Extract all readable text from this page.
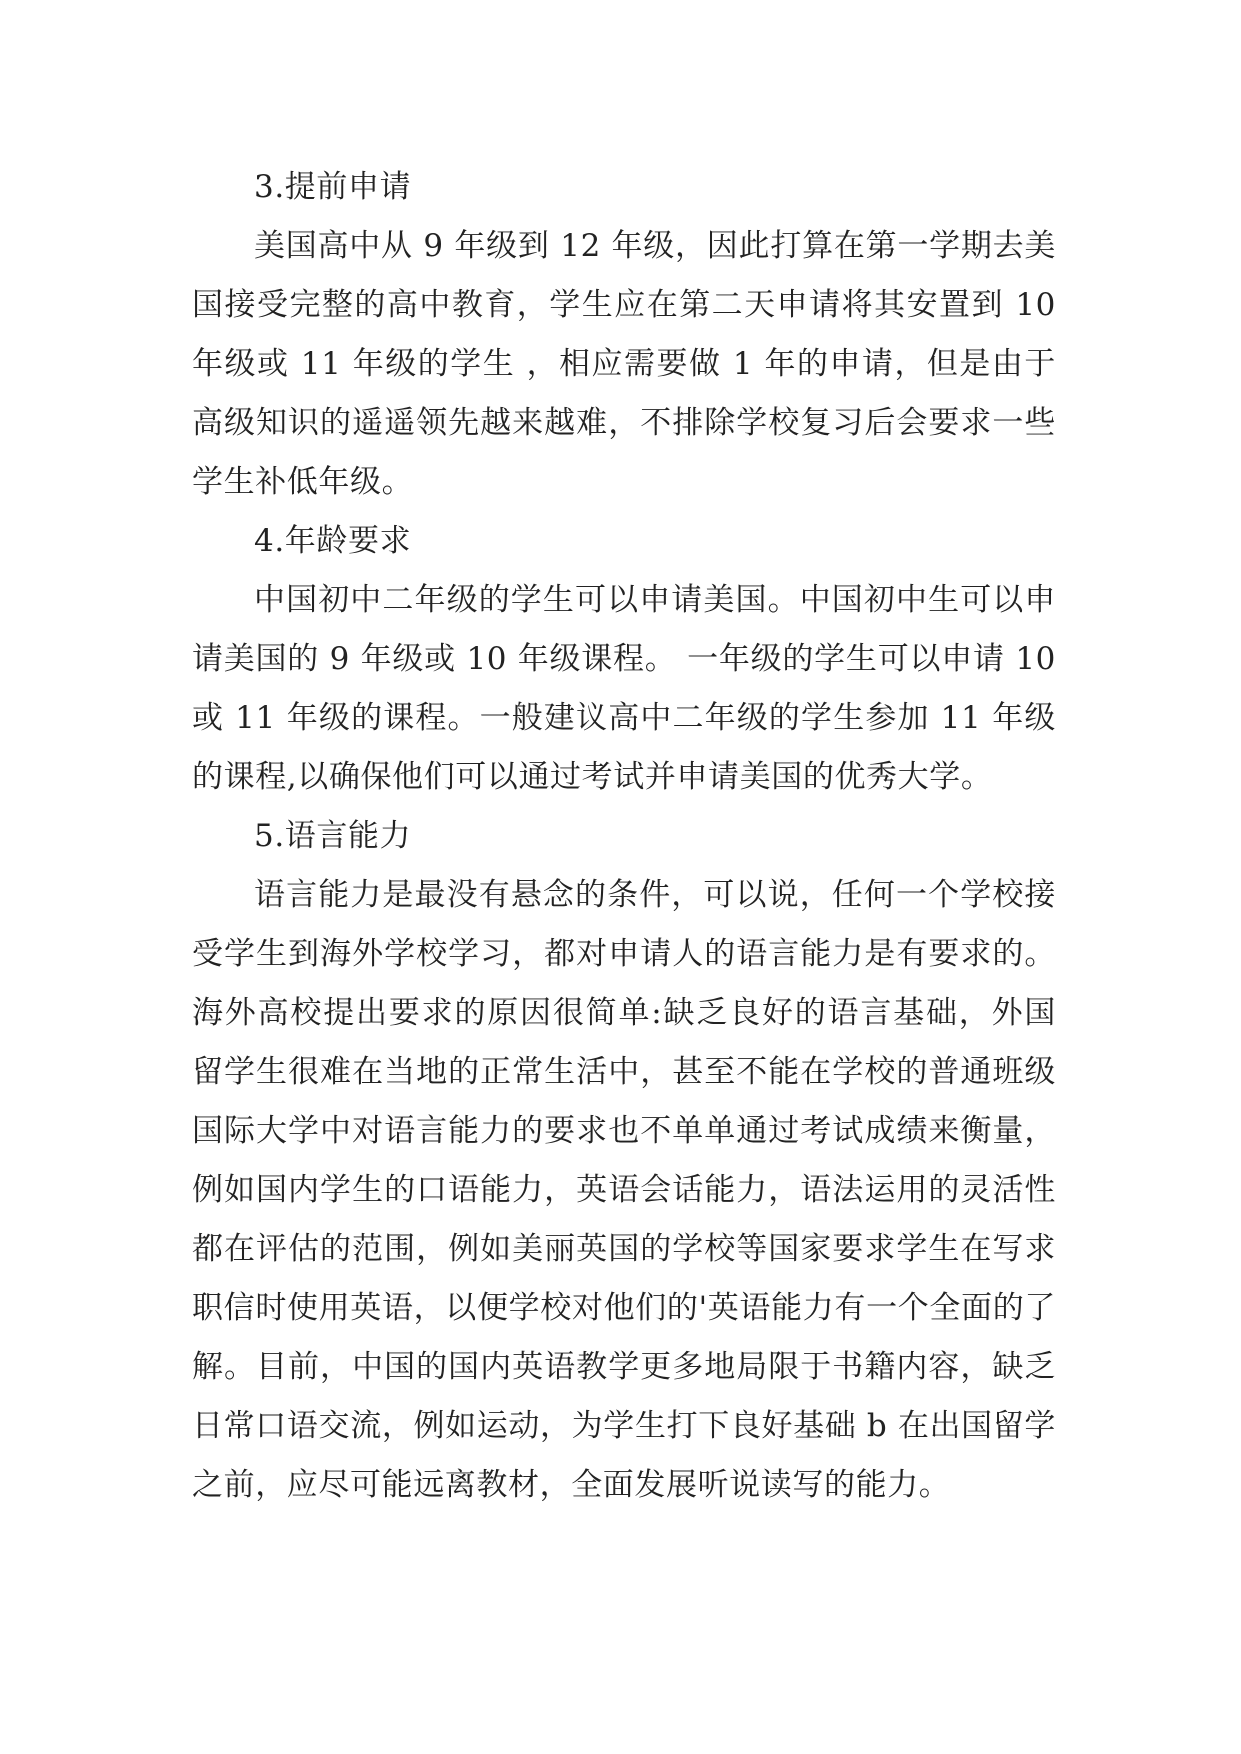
3.提前申请

美国高中从 9 年级到 12 年级，因此打算在第一学期去美国接受完整的高中教育，学生应在第二天申请将其安置到 10 年级或 11 年级的学生 ，相应需要做 1 年的申请，但是由于高级知识的遥遥领先越来越难，不排除学校复习后会要求一些学生补低年级。

4.年龄要求

中国初中二年级的学生可以申请美国。中国初中生可以申请美国的 9 年级或 10 年级课程。 一年级的学生可以申请 10 或 11 年级的课程。一般建议高中二年级的学生参加 11 年级的课程,以确保他们可以通过考试并申请美国的优秀大学。

5.语言能力

语言能力是最没有悬念的条件，可以说，任何一个学校接受学生到海外学校学习，都对申请人的语言能力是有要求的。海外高校提出要求的原因很简单:缺乏良好的语言基础，外国留学生很难在当地的正常生活中，甚至不能在学校的普通班级国际大学中对语言能力的要求也不单单通过考试成绩来衡量，例如国内学生的口语能力，英语会话能力，语法运用的灵活性都在评估的范围，例如美丽英国的学校等国家要求学生在写求职信时使用英语，以便学校对他们的'英语能力有一个全面的了解。目前，中国的国内英语教学更多地局限于书籍内容，缺乏日常口语交流，例如运动，为学生打下良好基础 b 在出国留学之前，应尽可能远离教材，全面发展听说读写的能力。
